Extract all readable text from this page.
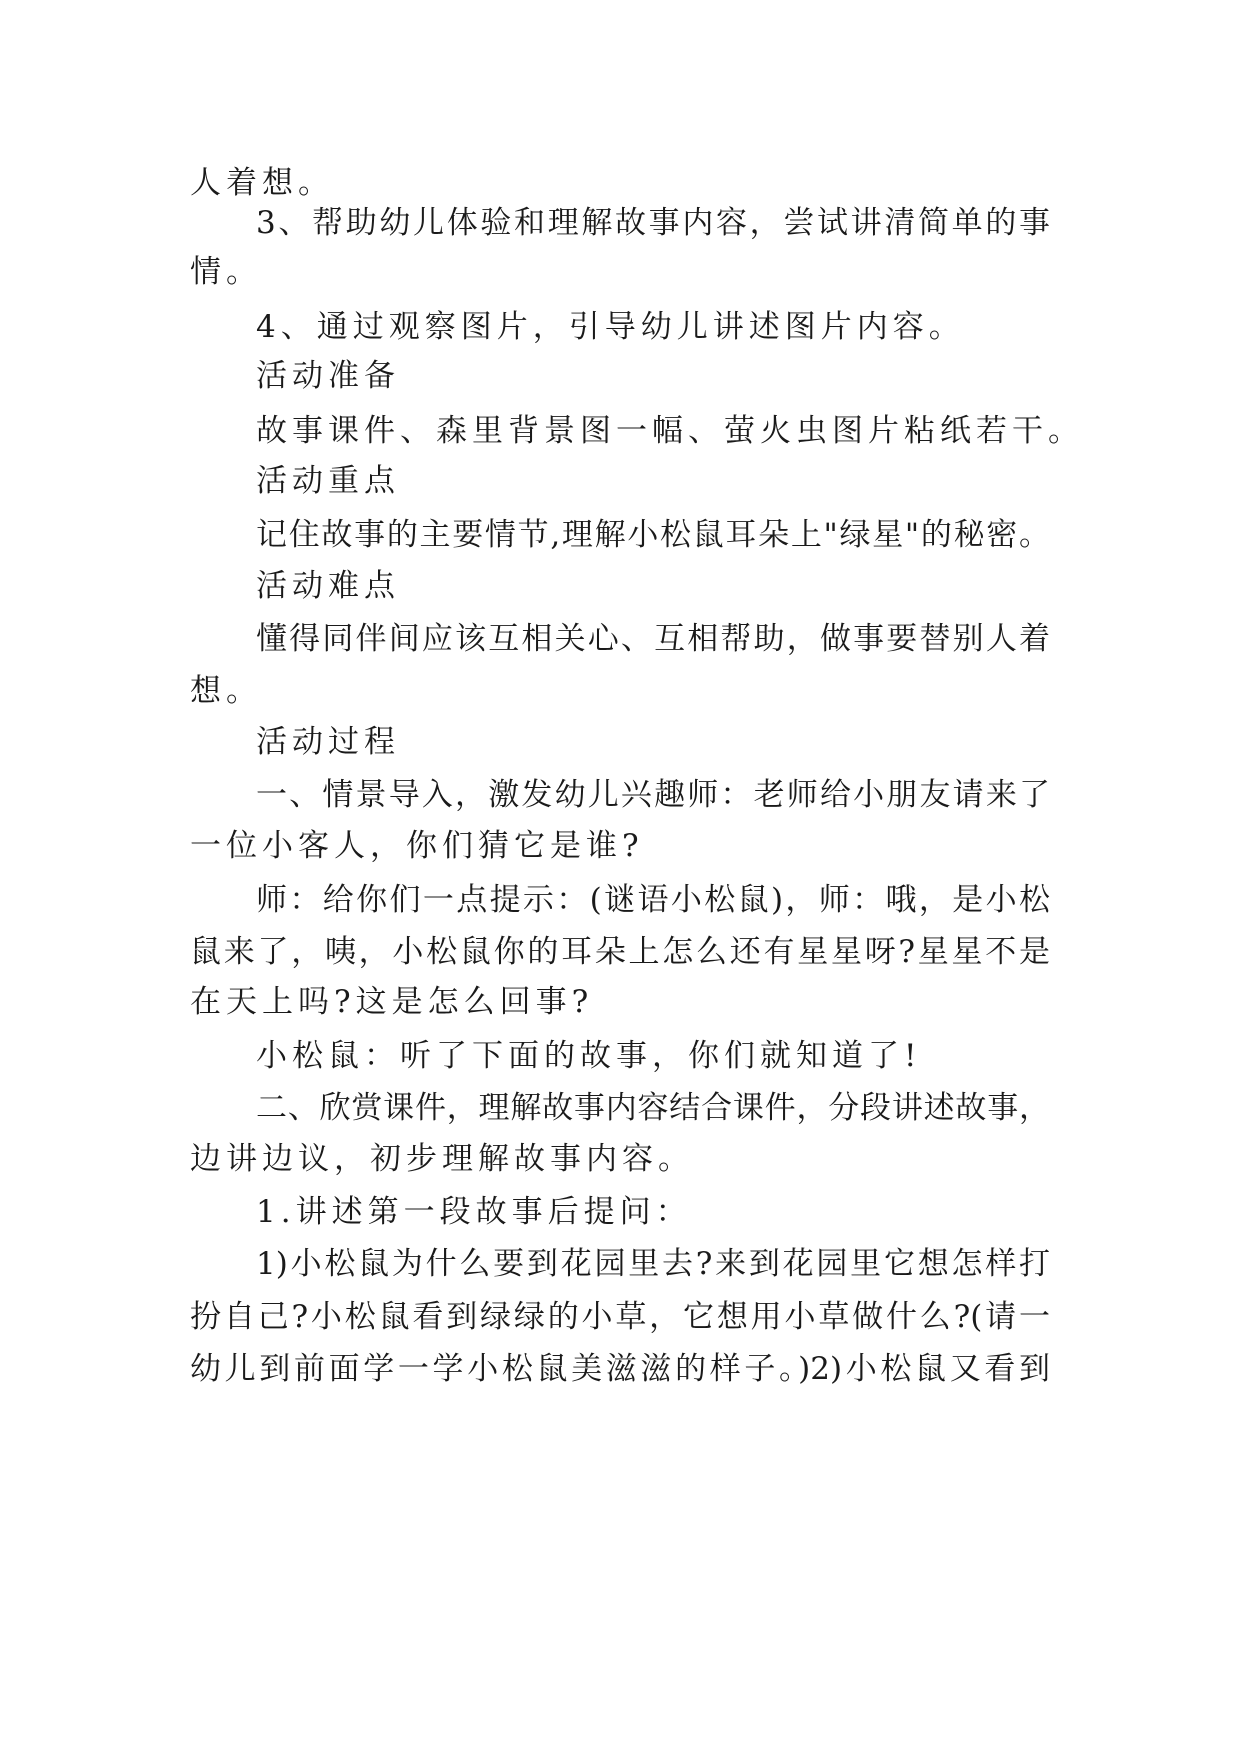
人着想。
3、帮助幼儿体验和理解故事内容，尝试讲清简单的事
情。
4、通过观察图片，引导幼儿讲述图片内容。
活动准备
故事课件、森里背景图一幅、萤火虫图片粘纸若干。
活动重点
记住故事的主要情节,理解小松鼠耳朵上"绿星"的秘密。
活动难点
懂得同伴间应该互相关心、互相帮助，做事要替别人着
想。
活动过程
一、情景导入，激发幼儿兴趣师：老师给小朋友请来了
一位小客人，你们猜它是谁?
师：给你们一点提示：(谜语小松鼠)，师：哦，是小松
鼠来了，咦，小松鼠你的耳朵上怎么还有星星呀?星星不是
在天上吗?这是怎么回事?
小松鼠：听了下面的故事，你们就知道了!
二、欣赏课件，理解故事内容结合课件，分段讲述故事，
边讲边议，初步理解故事内容。
1.讲述第一段故事后提问：
1)小松鼠为什么要到花园里去?来到花园里它想怎样打
扮自己?小松鼠看到绿绿的小草，它想用小草做什么?(请一
幼儿到前面学一学小松鼠美滋滋的样子。)2)小松鼠又看到
